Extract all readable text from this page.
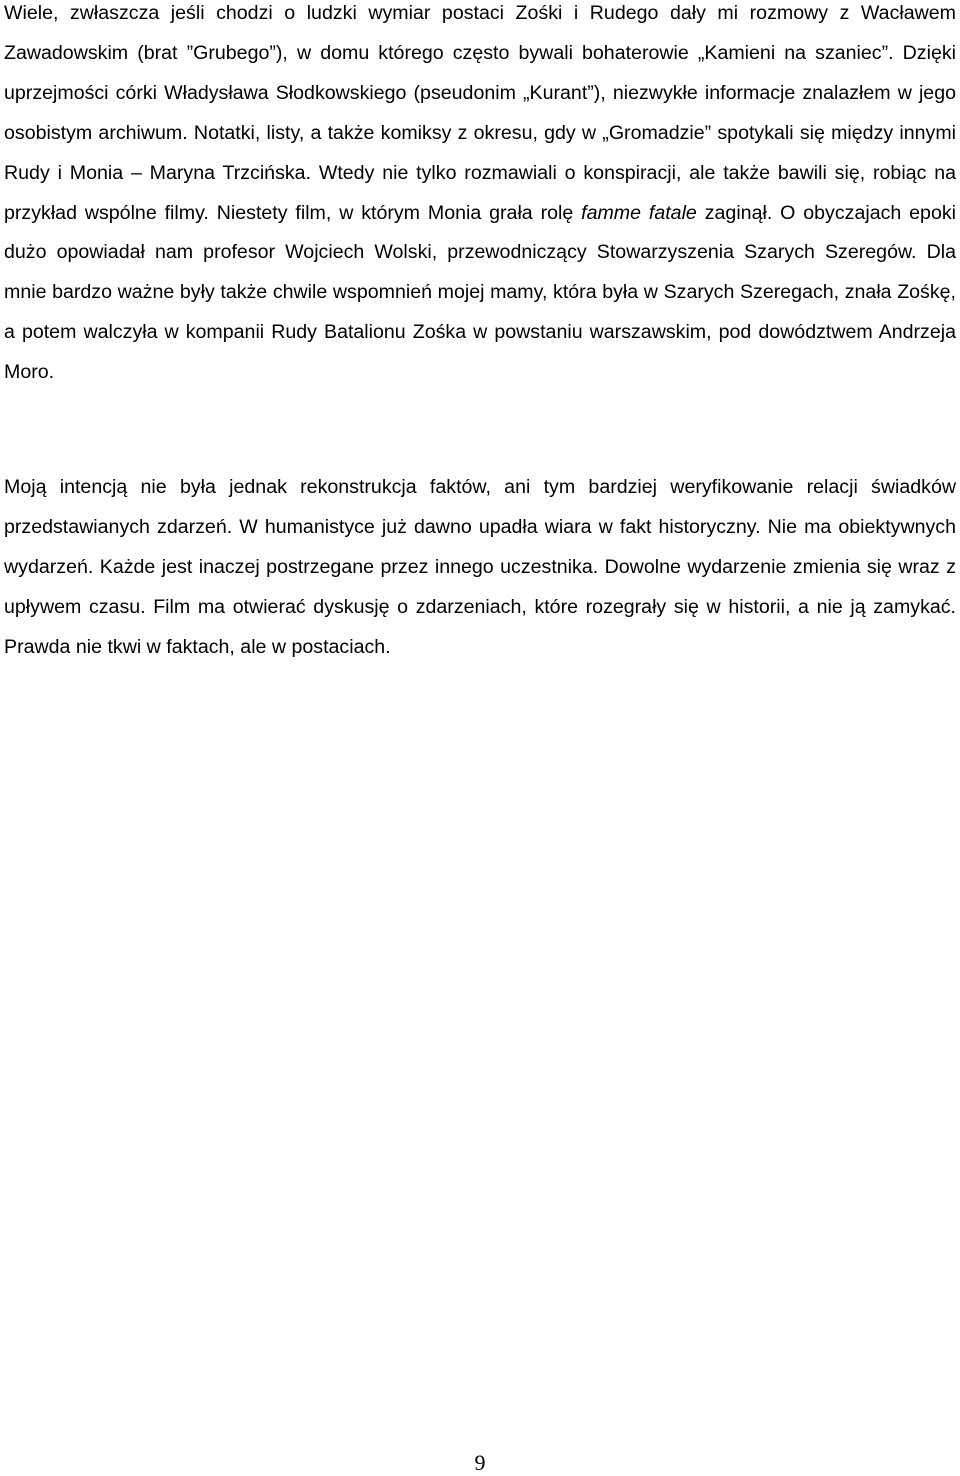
Wiele, zwłaszcza jeśli chodzi o ludzki wymiar postaci Zośki i Rudego dały mi rozmowy z Wacławem Zawadowskim (brat ”Grubego”), w domu którego często bywali bohaterowie „Kamieni na szaniec”. Dzięki uprzejmości córki Władysława Słodkowskiego (pseudonim „Kurant”), niezwykłe informacje znalazłem w jego osobistym archiwum. Notatki, listy, a także komiksy z okresu, gdy w „Gromadzie” spotykali się między innymi Rudy i Monia – Maryna Trzcińska. Wtedy nie tylko rozmawiali o konspiracji, ale także bawili się, robiąc na przykład wspólne filmy. Niestety film, w którym Monia grała rolę famme fatale zaginął. O obyczajach epoki dużo opowiadał nam profesor Wojciech Wolski, przewodniczący Stowarzyszenia Szarych Szeregów. Dla mnie bardzo ważne były także chwile wspomnień mojej mamy, która była w Szarych Szeregach, znała Zośkę, a potem walczyła w kompanii Rudy Batalionu Zośka w powstaniu warszawskim, pod dowództwem Andrzeja Moro.

Moją intencją nie była jednak rekonstrukcja faktów, ani tym bardziej weryfikowanie relacji świadków przedstawianych zdarzeń. W humanistyce już dawno upadła wiara w fakt historyczny. Nie ma obiektywnych wydarzeń. Każde jest inaczej postrzegane przez innego uczestnika. Dowolne wydarzenie zmienia się wraz z upływem czasu. Film ma otwierać dyskusję o zdarzeniach, które rozegrały się w historii, a nie ją zamykać. Prawda nie tkwi w faktach, ale w postaciach.

9
